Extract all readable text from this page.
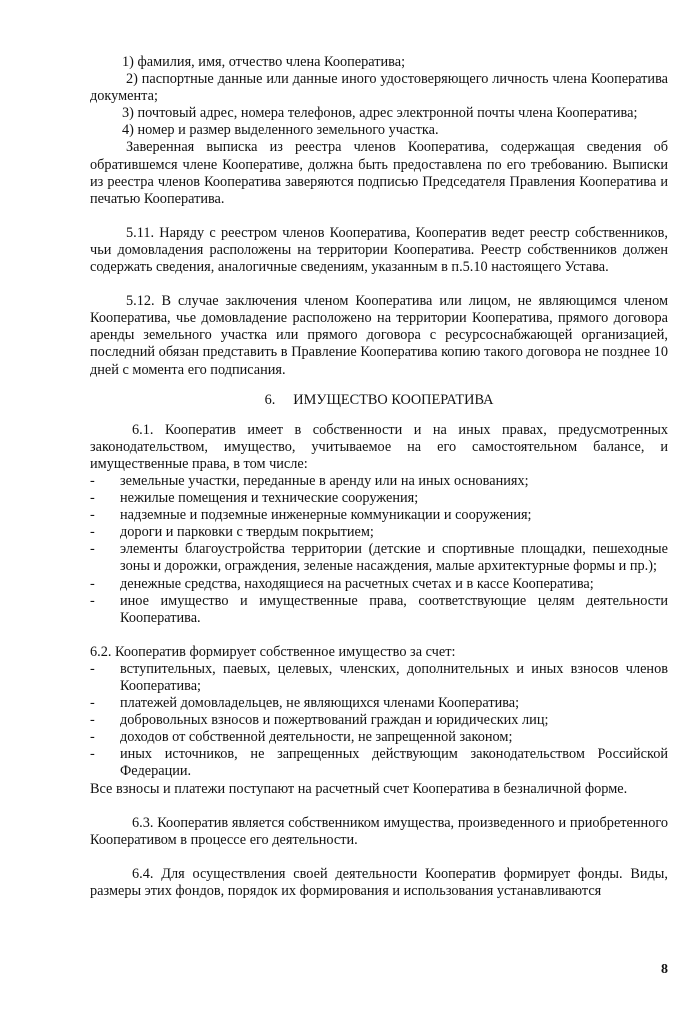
1) фамилия, имя, отчество члена Кооператива;

2) паспортные данные или данные иного удостоверяющего личность члена Кооператива документа;

3) почтовый адрес, номера телефонов, адрес электронной почты члена Кооператива;

4) номер и размер выделенного земельного участка.

Заверенная выписка из реестра членов Кооператива, содержащая сведения об обратившемся члене Кооперативе, должна быть предоставлена по его требованию. Выписки из реестра членов Кооператива заверяются подписью Председателя Правления Кооператива и печатью Кооператива.

5.11. Наряду с реестром членов Кооператива, Кооператив ведет реестр собственников, чьи домовладения расположены на территории Кооператива. Реестр собственников должен содержать сведения, аналогичные сведениям, указанным в п.5.10 настоящего Устава.

5.12. В случае заключения членом Кооператива или лицом, не являющимся членом Кооператива, чье домовладение расположено на территории Кооператива, прямого договора аренды земельного участка или прямого договора с ресурсоснабжающей организацией, последний обязан представить в Правление Кооператива копию такого договора не позднее 10 дней с момента его подписания.

6. ИМУЩЕСТВО КООПЕРАТИВА

6.1. Кооператив имеет в собственности и на иных правах, предусмотренных законодательством, имущество, учитываемое на его самостоятельном балансе, и имущественные права, в том числе:

- земельные участки, переданные в аренду или на иных основаниях;
- нежилые помещения и технические сооружения;
- надземные и подземные инженерные коммуникации и сооружения;
- дороги и парковки с твердым покрытием;
- элементы благоустройства территории (детские и спортивные площадки, пешеходные зоны и дорожки, ограждения, зеленые насаждения, малые архитектурные формы и пр.);
- денежные средства, находящиеся на расчетных счетах и в кассе Кооператива;
- иное имущество и имущественные права, соответствующие целям деятельности Кооператива.

6.2. Кооператив формирует собственное имущество за счет:

- вступительных, паевых, целевых, членских, дополнительных и иных взносов членов Кооператива;
- платежей домовладельцев, не являющихся членами Кооператива;
- добровольных взносов и пожертвований граждан и юридических лиц;
- доходов от собственной деятельности, не запрещенной законом;
- иных источников, не запрещенных действующим законодательством Российской Федерации.

Все взносы и платежи поступают на расчетный счет Кооператива в безналичной форме.

6.3. Кооператив является собственником имущества, произведенного и приобретенного Кооперативом в процессе его деятельности.

6.4. Для осуществления своей деятельности Кооператив формирует фонды. Виды, размеры этих фондов, порядок их формирования и использования устанавливаются

8
